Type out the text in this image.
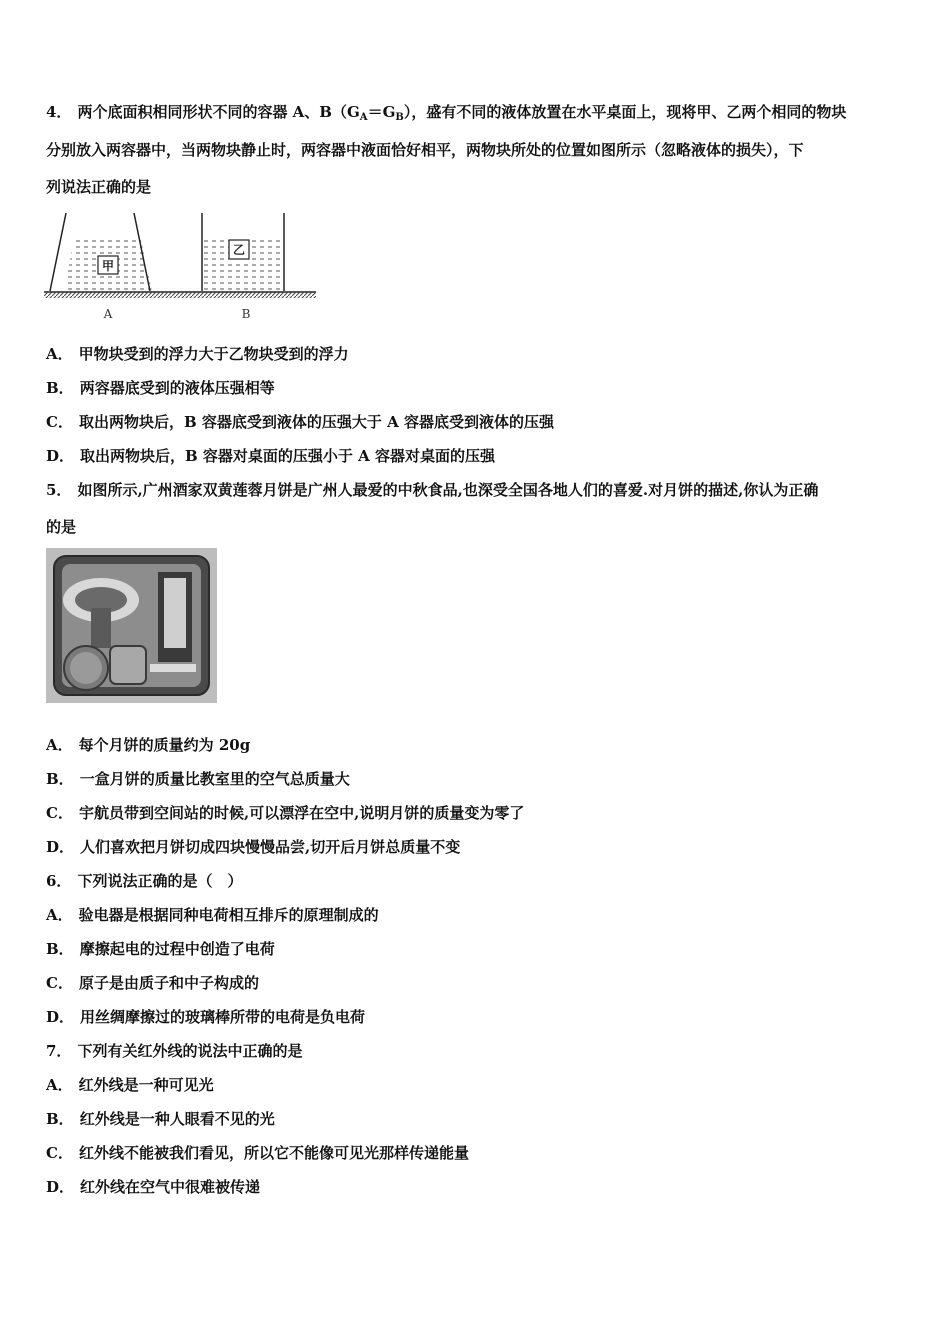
4． 两个底面积相同形状不同的容器 A、$B(G_A=G_B)$，盛有不同的液体放置在水平桌面上，现将甲、乙两个相同的物块
分别放入两容器中，当两物块静止时，两容器中液面恰好相平，两物块所处的位置如图所示（忽略液体的损失），下
列说法正确的是
甲
乙
A	B
A． 甲物块受到的浮力大于乙物块受到的浮力
B． 两容器底受到的液体压强相等
C． 取出两物块后，B 容器底受到液体的压强大于 A 容器底受到液体的压强
D． 取出两物块后，B 容器对桌面的压强小于 A 容器对桌面的压强
5． 如图所示,广州酒家双黄莲蓉月饼是广州人最爱的中秋食品,也深受全国各地人们的喜爱.对月饼的描述,你认为正确
的是
A． 每个月饼的质量约为 20g
B． 一盒月饼的质量比教室里的空气总质量大
C． 宇航员带到空间站的时候,可以漂浮在空中,说明月饼的质量变为零了
D． 人们喜欢把月饼切成四块慢慢品尝,切开后月饼总质量不变
6． 下列说法正确的是（　）
A． 验电器是根据同种电荷相互排斥的原理制成的
B． 摩擦起电的过程中创造了电荷
C． 原子是由质子和中子构成的
D． 用丝绸摩擦过的玻璃棒所带的电荷是负电荷
7． 下列有关红外线的说法中正确的是
A． 红外线是一种可见光
B． 红外线是一种人眼看不见的光
C． 红外线不能被我们看见，所以它不能像可见光那样传递能量
D． 红外线在空气中很难被传递
